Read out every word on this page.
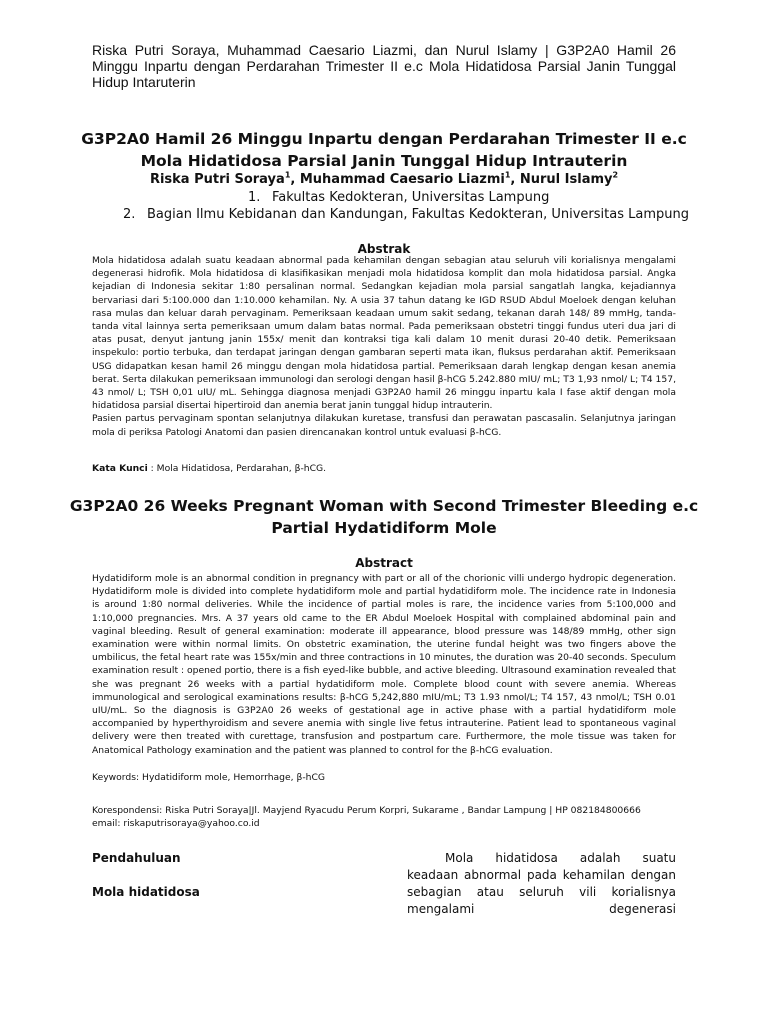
Riska Putri Soraya, Muhammad Caesario Liazmi, dan Nurul Islamy | G3P2A0 Hamil 26 Minggu Inpartu dengan Perdarahan Trimester II e.c Mola Hidatidosa Parsial Janin Tunggal Hidup Intaruterin
G3P2A0 Hamil 26 Minggu Inpartu dengan Perdarahan Trimester II e.c Mola Hidatidosa Parsial Janin Tunggal Hidup Intrauterin
Riska Putri Soraya$^1$, Muhammad Caesario Liazmi$^1$, Nurul Islamy$^2$
1. Fakultas Kedokteran, Universitas Lampung
2. Bagian Ilmu Kebidanan dan Kandungan, Fakultas Kedokteran, Universitas Lampung
Abstrak

Mola hidatidosa adalah suatu keadaan abnormal pada kehamilan dengan sebagian atau seluruh vili korialisnya mengalami degenerasi hidrofik. Mola hidatidosa di klasifikasikan menjadi mola hidatidosa komplit dan mola hidatidosa parsial. Angka kejadian di Indonesia sekitar 1:80 persalinan normal. Sedangkan kejadian mola parsial sangatlah langka, kejadiannya bervariasi dari 5:100.000 dan 1:10.000 kehamilan. Ny. A usia 37 tahun datang ke IGD RSUD Abdul Moeloek dengan keluhan rasa mulas dan keluar darah pervaginam. Pemeriksaan keadaan umum sakit sedang, tekanan darah 148/ 89 mmHg, tanda-tanda vital lainnya serta pemeriksaan umum dalam batas normal. Pada pemeriksaan obstetri tinggi fundus uteri dua jari di atas pusat, denyut jantung janin 155x/ menit dan kontraksi tiga kali dalam 10 menit durasi 20-40 detik. Pemeriksaan inspekulo: portio terbuka, dan terdapat jaringan dengan gambaran seperti mata ikan, fluksus perdarahan aktif. Pemeriksaan USG didapatkan kesan hamil 26 minggu dengan mola hidatidosa partial. Pemeriksaan darah lengkap dengan kesan anemia berat. Serta dilakukan pemeriksaan immunologi dan serologi dengan hasil β-hCG 5.242.880 mIU/ mL; T3 1,93 nmol/ L; T4 157, 43 nmol/ L; TSH 0,01 uIU/ mL. Sehingga diagnosa menjadi G3P2A0 hamil 26 minggu inpartu kala I fase aktif dengan mola hidatidosa parsial disertai hipertiroid dan anemia berat janin tunggal hidup intrauterin.

Pasien partus pervaginam spontan selanjutnya dilakukan kuretase, transfusi dan perawatan pascasalin. Selanjutnya jaringan mola di periksa Patologi Anatomi dan pasien direncanakan kontrol untuk evaluasi β-hCG.

Kata Kunci : Mola Hidatidosa, Perdarahan, β-hCG.
G3P2A0 26 Weeks Pregnant Woman with Second Trimester Bleeding e.c Partial Hydatidiform Mole
Abstract

Hydatidiform mole is an abnormal condition in pregnancy with part or all of the chorionic villi undergo hydropic degeneration. Hydatidiform mole is divided into complete hydatidiform mole and partial hydatidiform mole. The incidence rate in Indonesia is around 1:80 normal deliveries. While the incidence of partial moles is rare, the incidence varies from 5:100,000 and 1:10,000 pregnancies. Mrs. A 37 years old came to the ER Abdul Moeloek Hospital with complained abdominal pain and vaginal bleeding. Result of general examination: moderate ill appearance, blood pressure was 148/89 mmHg, other sign examination were within normal limits. On obstetric examination, the uterine fundal height was two fingers above the umbilicus, the fetal heart rate was 155x/min and three contractions in 10 minutes, the duration was 20-40 seconds. Speculum examination result : opened portio, there is a fish eyed-like bubble, and active bleeding. Ultrasound examination revealed that she was pregnant 26 weeks with a partial hydatidiform mole. Complete blood count with severe anemia. Whereas immunological and serological examinations results: β-hCG 5,242,880 mIU/mL; T3 1.93 nmol/L; T4 157, 43 nmol/L; TSH 0.01 uIU/mL. So the diagnosis is G3P2A0 26 weeks of gestational age in active phase with a partial hydatidiform mole accompanied by hyperthyroidism and severe anemia with single live fetus intrauterine. Patient lead to spontaneous vaginal delivery were then treated with curettage, transfusion and postpartum care. Furthermore, the mole tissue was taken for Anatomical Pathology examination and the patient was planned to control for the β-hCG evaluation.

Keywords: Hydatidiform mole, Hemorrhage, β-hCG
Korespondensi: Riska Putri Soraya|Jl. Mayjend Ryacudu Perum Korpri, Sukarame , Bandar Lampung | HP 082184800666
email: riskaputrisoraya@yahoo.co.id
Pendahuluan
Mola hidatidosa
Mola hidatidosa adalah suatu keadaan abnormal pada kehamilan dengan sebagian atau seluruh vili korialisnya mengalami degenerasi
